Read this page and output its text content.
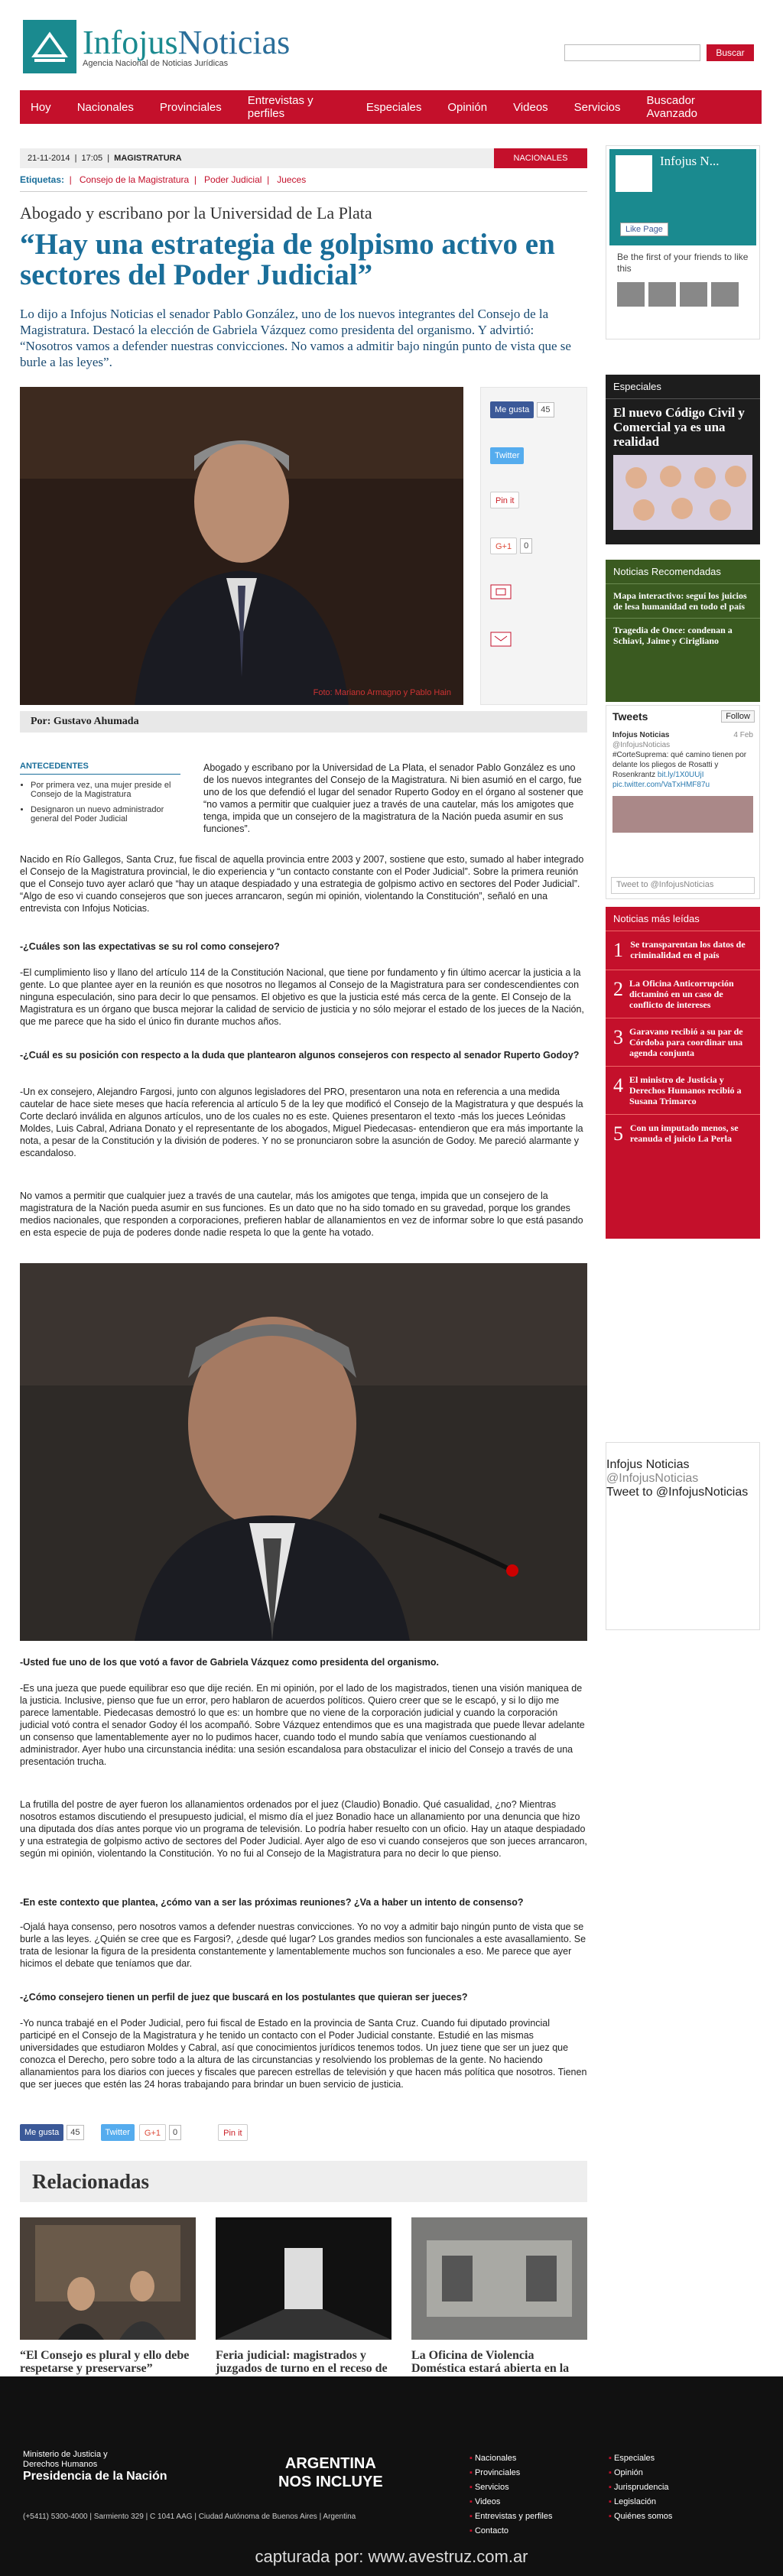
InfojusNoticias
Agencia Nacional de Noticias Jurídicas
Buscar
Hoy Nacionales Provinciales Entrevistas y perfiles	Especiales Opinión Videos Servicios Buscador Avanzado
21-11-2014 | 17:05 | MAGISTRATURA	NACIONALES
Etiquetas:  |   Consejo de la Magistratura  |   Poder Judicial  |   Jueces
Abogado y escribano por la Universidad de La Plata
“Hay una estrategia de golpismo activo en sectores del Poder Judicial”

Lo dijo a Infojus Noticias el senador Pablo González, uno de los nuevos integrantes del Consejo de la Magistratura. Destacó la elección de Gabriela Vázquez como presidenta del organismo. Y advirtió: “Nosotros vamos a defender nuestras convicciones. No vamos a admitir bajo ningún punto de vista que se burle a las leyes”.

Foto: Mariano Armagno y Pablo Hain
Me gusta	45
Twitter
Pin it
G+1	0
Por: Gustavo Ahumada
ANTECEDENTES
• Por primera vez, una mujer preside el Consejo de la Magistratura
• Designaron un nuevo administrador general del Poder Judicial

Abogado y escribano por la Universidad de La Plata, el senador Pablo González es uno de los nuevos integrantes del Consejo de la Magistratura. Ni bien asumió en el cargo, fue uno de los que defendió el lugar del senador Ruperto Godoy en el órgano al sostener que “no vamos a permitir que cualquier juez a través de una cautelar, más los amigotes que tenga, impida que un consejero de la magistratura de la Nación pueda asumir en sus funciones”.

Nacido en Río Gallegos, Santa Cruz, fue fiscal de aquella provincia entre 2003 y 2007, sostiene que esto, sumado al haber integrado el Consejo de la Magistratura provincial, le dio experiencia y “un contacto constante con el Poder Judicial”. Sobre la primera reunión que el Consejo tuvo ayer aclaró que “hay un ataque despiadado y una estrategia de golpismo activo en sectores del Poder Judicial”. “Algo de eso vi cuando consejeros que son jueces arrancaron, según mi opinión, violentando la Constitución”, señaló en una entrevista con Infojus Noticias.

-¿Cuáles son las expectativas se su rol como consejero?

-El cumplimiento liso y llano del artículo 114 de la Constitución Nacional, que tiene por fundamento y fin último acercar la justicia a la gente. Lo que plantee ayer en la reunión es que nosotros no llegamos al Consejo de la Magistratura para ser condescendientes con ninguna especulación, sino para decir lo que pensamos. El objetivo es que la justicia esté más cerca de la gente. El Consejo de la Magistratura es un órgano que busca mejorar la calidad de servicio de justicia y no sólo mejorar el estado de los jueces de la Nación, que me parece que ha sido el único fin durante muchos años.

-¿Cuál es su posición con respecto a la duda que plantearon algunos consejeros con respecto al senador Ruperto Godoy?

-Un ex consejero, Alejandro Fargosi, junto con algunos legisladores del PRO, presentaron una nota en referencia a una medida cautelar de hace siete meses que hacía referencia al artículo 5 de la ley que modificó el Consejo de la Magistratura y que después la Corte declaró inválida en algunos artículos, uno de los cuales no es este. Quienes presentaron el texto -más los jueces Leónidas Moldes, Luis Cabral, Adriana Donato y el representante de los abogados, Miguel Piedecasas- entendieron que era más importante la nota, a pesar de la Constitución y la división de poderes. Y no se pronunciaron sobre la asunción de Godoy. Me pareció alarmante y escandaloso.

No vamos a permitir que cualquier juez a través de una cautelar, más los amigotes que tenga, impida que un consejero de la magistratura de la Nación pueda asumir en sus funciones. Es un dato que no ha sido tomado en su gravedad, porque los grandes medios nacionales, que responden a corporaciones, prefieren hablar de allanamientos en vez de informar sobre lo que está pasando en esta especie de puja de poderes donde nadie respeta lo que la gente ha votado.

-Usted fue uno de los que votó a favor de Gabriela Vázquez como presidenta del organismo.

-Es una jueza que puede equilibrar eso que dije recién. En mi opinión, por el lado de los magistrados, tienen una visión maniquea de la justicia. Inclusive, pienso que fue un error, pero hablaron de acuerdos políticos. Quiero creer que se le escapó, y si lo dijo me parece lamentable. Piedecasas demostró lo que es: un hombre que no viene de la corporación judicial y cuando la corporación judicial votó contra el senador Godoy él los acompañó. Sobre Vázquez entendimos que es una magistrada que puede llevar adelante un consenso que lamentablemente ayer no lo pudimos hacer, cuando todo el mundo sabía que veníamos cuestionando al administrador. Ayer hubo una circunstancia inédita: una sesión escandalosa para obstaculizar el inicio del Consejo a través de una presentación trucha.

La frutilla del postre de ayer fueron los allanamientos ordenados por el juez (Claudio) Bonadio. Qué casualidad, ¿no? Mientras nosotros estamos discutiendo el presupuesto judicial, el mismo día el juez Bonadio hace un allanamiento por una denuncia que hizo una diputada dos días antes porque vio un programa de televisión. Lo podría haber resuelto con un oficio. Hay un ataque despiadado y una estrategia de golpismo activo de sectores del Poder Judicial. Ayer algo de eso vi cuando consejeros que son jueces arrancaron, según mi opinión, violentando la Constitución. Yo no fui al Consejo de la Magistratura para no decir lo que pienso.

-En este contexto que plantea, ¿cómo van a ser las próximas reuniones? ¿Va a haber un intento de consenso?

-Ojalá haya consenso, pero nosotros vamos a defender nuestras convicciones. Yo no voy a admitir bajo ningún punto de vista que se burle a las leyes. ¿Quién se cree que es Fargosi?, ¿desde qué lugar? Los grandes medios son funcionales a este avasallamiento. Se trata de lesionar la figura de la presidenta constantemente y lamentablemente muchos son funcionales a eso. Me parece que ayer hicimos el debate que teníamos que dar.

-¿Cómo consejero tienen un perfil de juez que buscará en los postulantes que quieran ser jueces?

-Yo nunca trabajé en el Poder Judicial, pero fui fiscal de Estado en la provincia de Santa Cruz. Cuando fui diputado provincial participé en el Consejo de la Magistratura y he tenido un contacto con el Poder Judicial constante. Estudié en las mismas universidades que estudiaron Moldes y Cabral, así que conocimientos jurídicos tenemos todos. Un juez tiene que ser un juez que conozca el Derecho, pero sobre todo a la altura de las circunstancias y resolviendo los problemas de la gente. No haciendo allanamientos para los diarios con jueces y fiscales que parecen estrellas de televisión y que hacen más política que nosotros. Tienen que ser jueces que estén las 24 horas trabajando para brindar un buen servicio de justicia.

Me gusta	45	Twitter	G+1	0	Pin it
Relacionadas
“El Consejo es plural y ello debe respetarse y preservarse”
Feria judicial: magistrados y juzgados de turno en el receso de
La Oficina de Violencia Doméstica estará abierta en la
Infojus N...
Like Page
Be the first of your friends to like this
Especiales
El nuevo Código Civil y Comercial ya es una realidad
Noticias Recomendadas
Mapa interactivo: seguí los juicios de lesa humanidad en todo el país
Tragedia de Once: condenan a Schiavi, Jaime y Cirigliano
Tweets	Follow
Infojus Noticias	4 Feb

@InfojusNoticias
#CorteSuprema: qué camino tienen por delante los pliegos de Rosatti y Rosenkrantz bit.ly/1X0UUjI pic.twitter.com/VaTxHMF87u
Tweet to @InfojusNoticias
Noticias más leídas
1 Se transparentan los datos de criminalidad en el país
2 La Oficina Anticorrupción dictaminó en un caso de conflicto de intereses
3 Garavano recibió a su par de Córdoba para coordinar una agenda conjunta
4 El ministro de Justicia y Derechos Humanos recibió a Susana Trimarco
5 Con un imputado menos, se reanuda el juicio La Perla
Infojus Noticias
@InfojusNoticias
Tweet to @InfojusNoticias
Ministerio de Justicia y Derechos Humanos
Presidencia de la Nación
ARGENTINA
NOS INCLUYE
(+5411) 5300-4000 | Sarmiento 329 | C 1041 AAG | Ciudad Autónoma de Buenos Aires | Argentina
▪ Nacionales
▪ Provinciales
▪ Servicios
▪ Videos
▪ Entrevistas y perfiles
▪ Contacto
▪ Especiales
▪ Opinión
▪ Jurisprudencia
▪ Legislación
▪ Quiénes somos
capturada por: www.avestruz.com.ar
